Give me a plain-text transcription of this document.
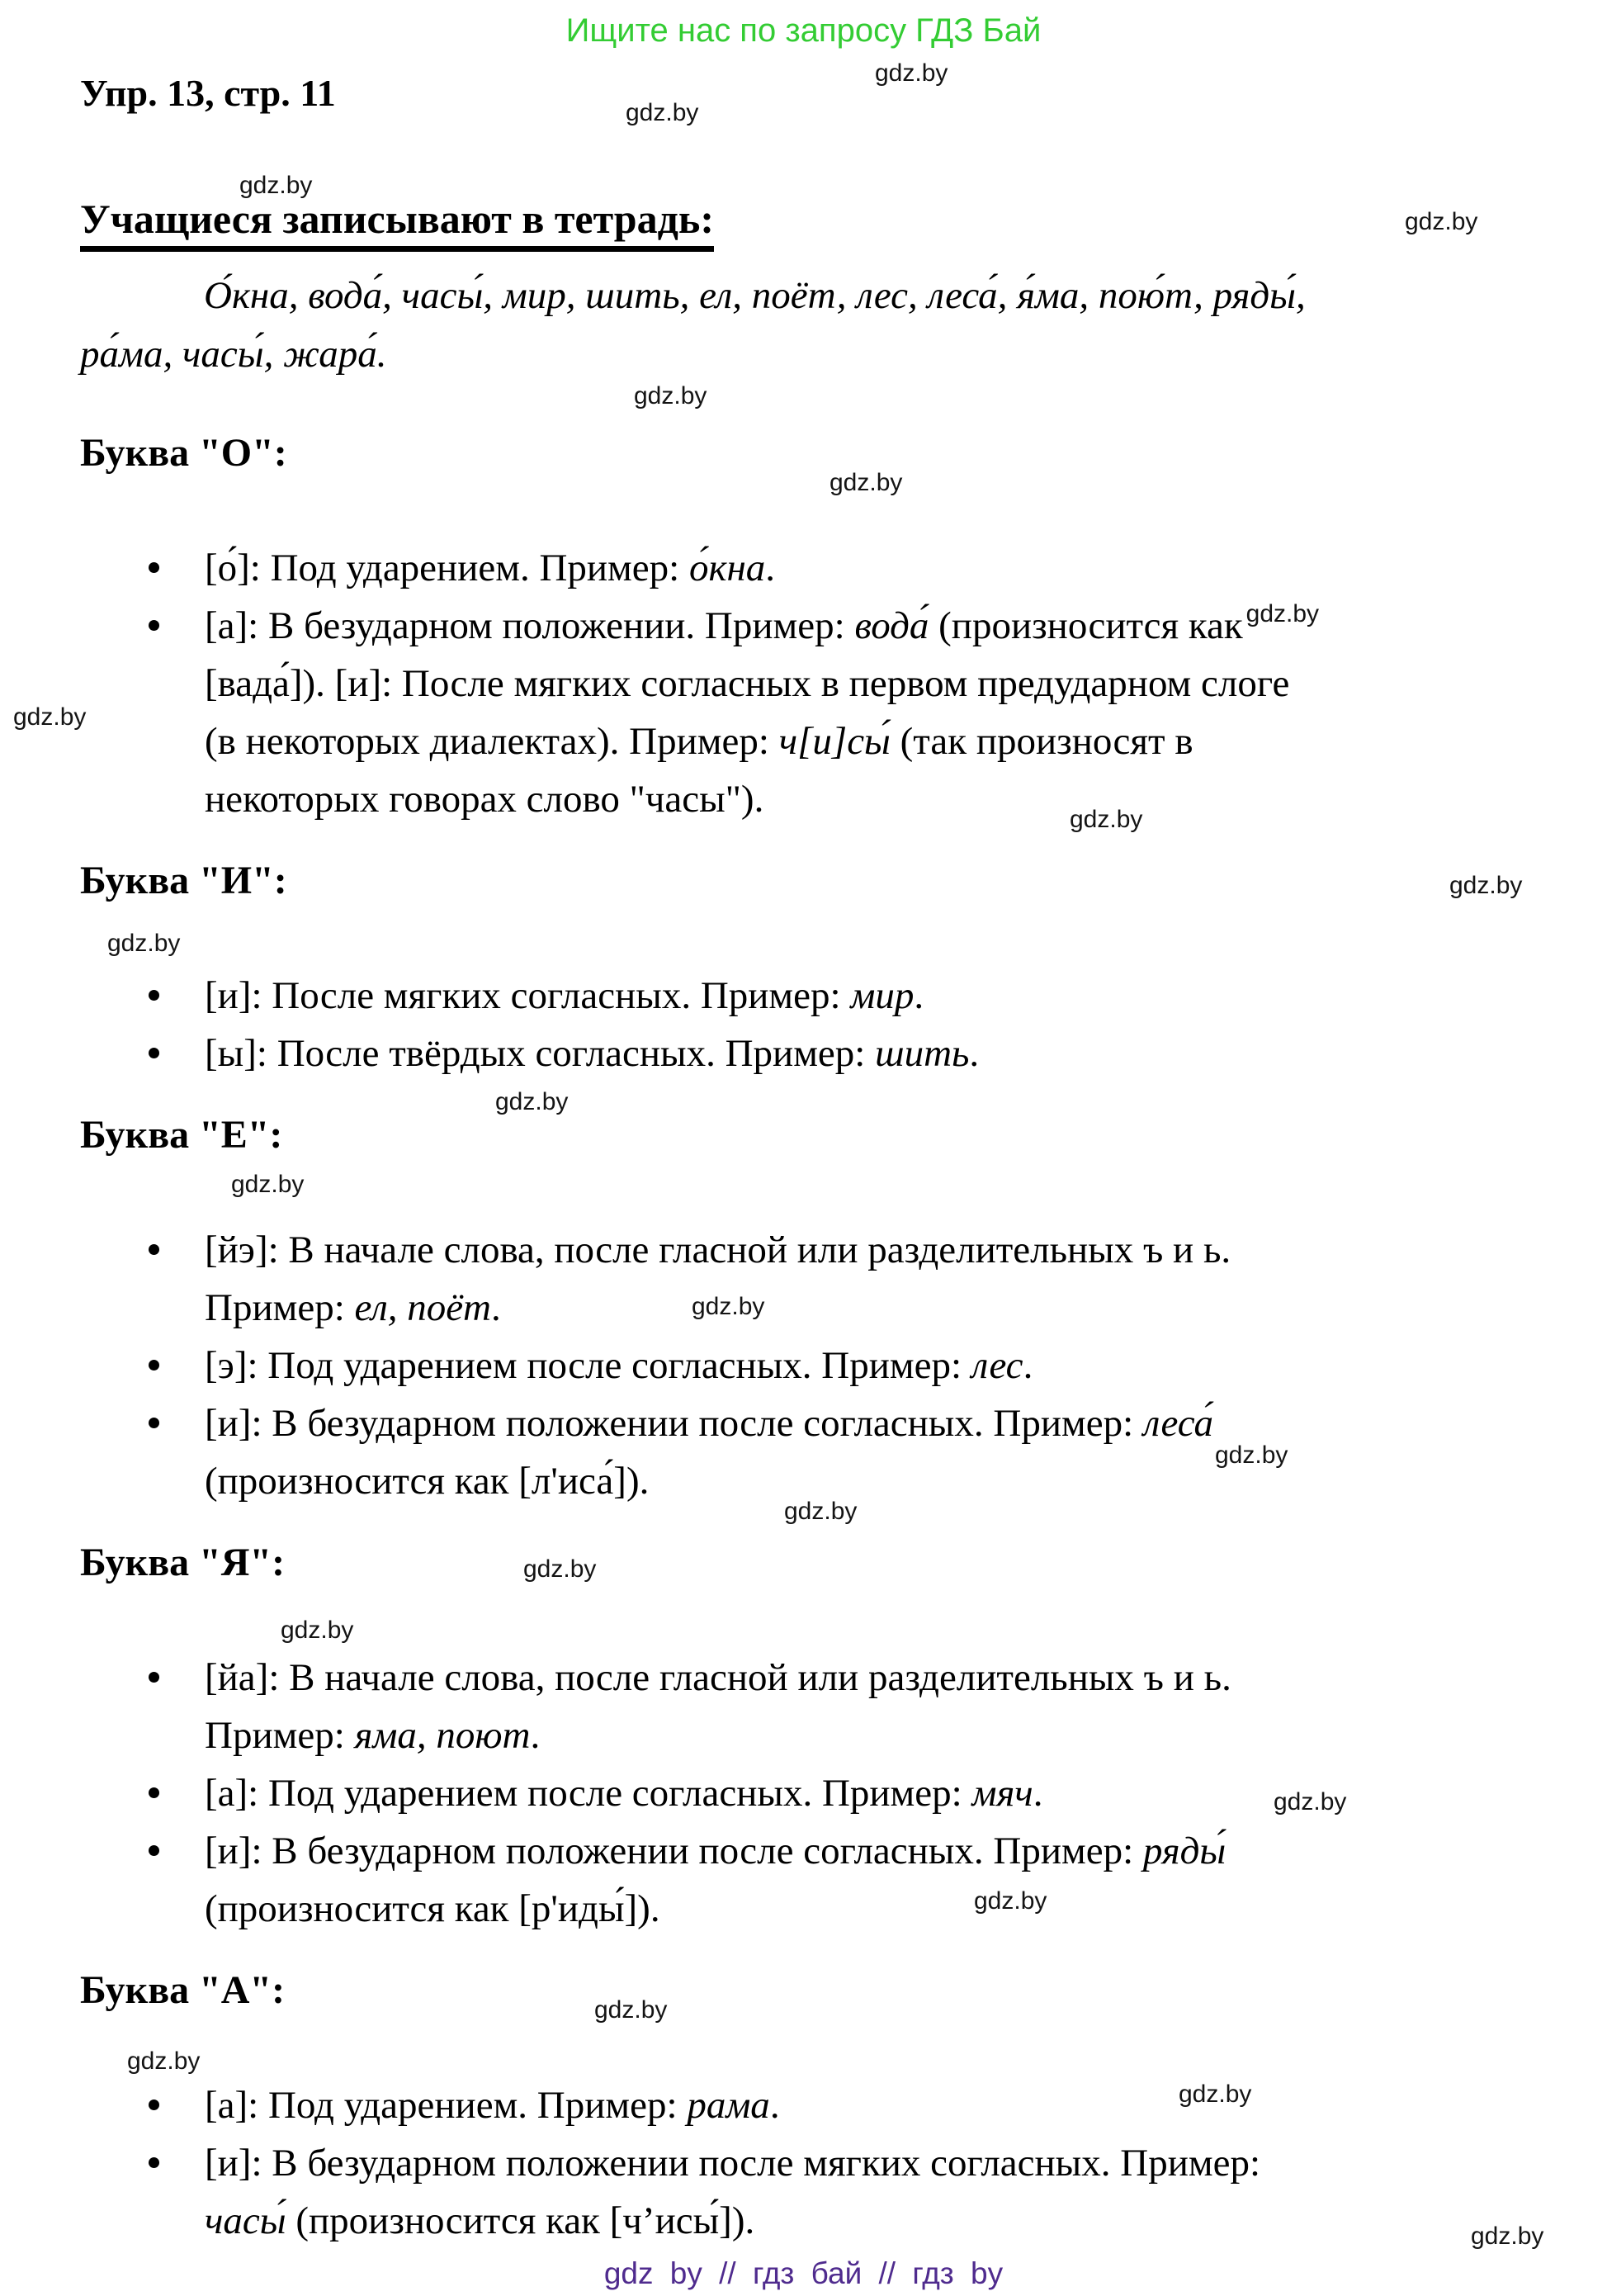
Ищите нас по запросу ГДЗ Бай
Упр. 13, стр. 11
Учащиеся записывают в тетрадь:
О́кна, вода́, часы́, мир, шить, ел, поёт, лес, леса́, я́ма, пою́т, ряды́,
ра́ма, часы́, жара́.
Буква "О":
[о́]: Под ударением. Пример: о́кна.
[а]: В безударном положении. Пример: вода́ (произносится как gdz.by
[вада́]). [и]: После мягких согласных в первом предударном слоге
(в некоторых диалектах). Пример: ч[и]сы́ (так произносят в
некоторых говорах слово "часы").
Буква "И":
[и]: После мягких согласных. Пример: мир.
[ы]: После твёрдых согласных. Пример: шить.
Буква "Е":
[йэ]: В начале слова, после гласной или разделительных ъ и ь.
Пример: ел, поёт.
[э]: Под ударением после согласных. Пример: лес.
[и]: В безударном положении после согласных. Пример: леса́
(произносится как [л'иса́]).
Буква "Я":
[йа]: В начале слова, после гласной или разделительных ъ и ь.
Пример: яма, поют.
[а]: Под ударением после согласных. Пример: мяч.
[и]: В безударном положении после согласных. Пример: ряды́
(произносится как [р'иды́]).
Буква "А":
[а]: Под ударением. Пример: рама.
[и]: В безударном положении после мягких согласных. Пример:
часы́ (произносится как [ч’исы́]).
gdz.by
gdz.by
gdz.by
gdz.by
gdz.by
gdz.by
gdz.by
gdz.by
gdz.by
gdz.by
gdz.by
gdz.by
gdz.by
gdz.by
gdz.by
gdz.by
gdz.by
gdz.by
gdz.by
gdz.by
gdz.by
gdz.by
gdz.by
gdz by // гдз бай // гдз by
